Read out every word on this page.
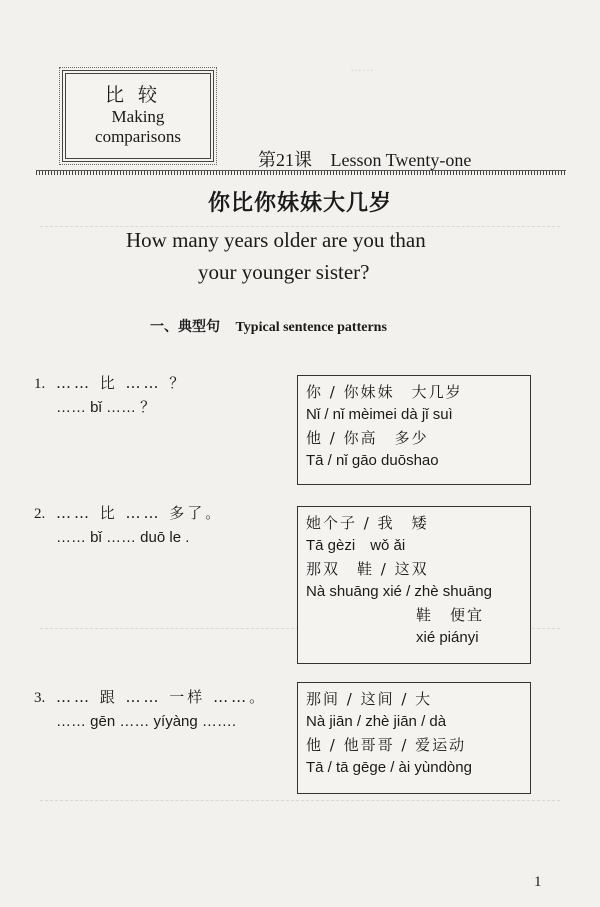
……
比较
Making
comparisons
第21课 Lesson Twenty-one
你比你妹妹大几岁
How many years older are you than
your younger sister?
一、典型句 Typical sentence patterns
1. …… 比 …… ？
…… bǐ …… ？
你 / 你妹妹　大几岁
Nǐ / nǐ mèimei dà jǐ suì
他 / 你高　多少
Tā / nǐ gāo duōshao
2. …… 比 …… 多了。
…… bǐ …… duō le .
她个子 / 我　矮
Tā gèzi　wǒ ǎi
那双　鞋 / 这双
Nà shuāng xié / zhè shuāng
鞋　便宜
xié piányi
3. …… 跟 …… 一样 ……。
…… gēn …… yíyàng …….
那间 / 这间 / 大
Nà jiān / zhè jiān / dà
他 / 他哥哥 / 爱运动
Tā / tā gēge / ài yùndòng
1
